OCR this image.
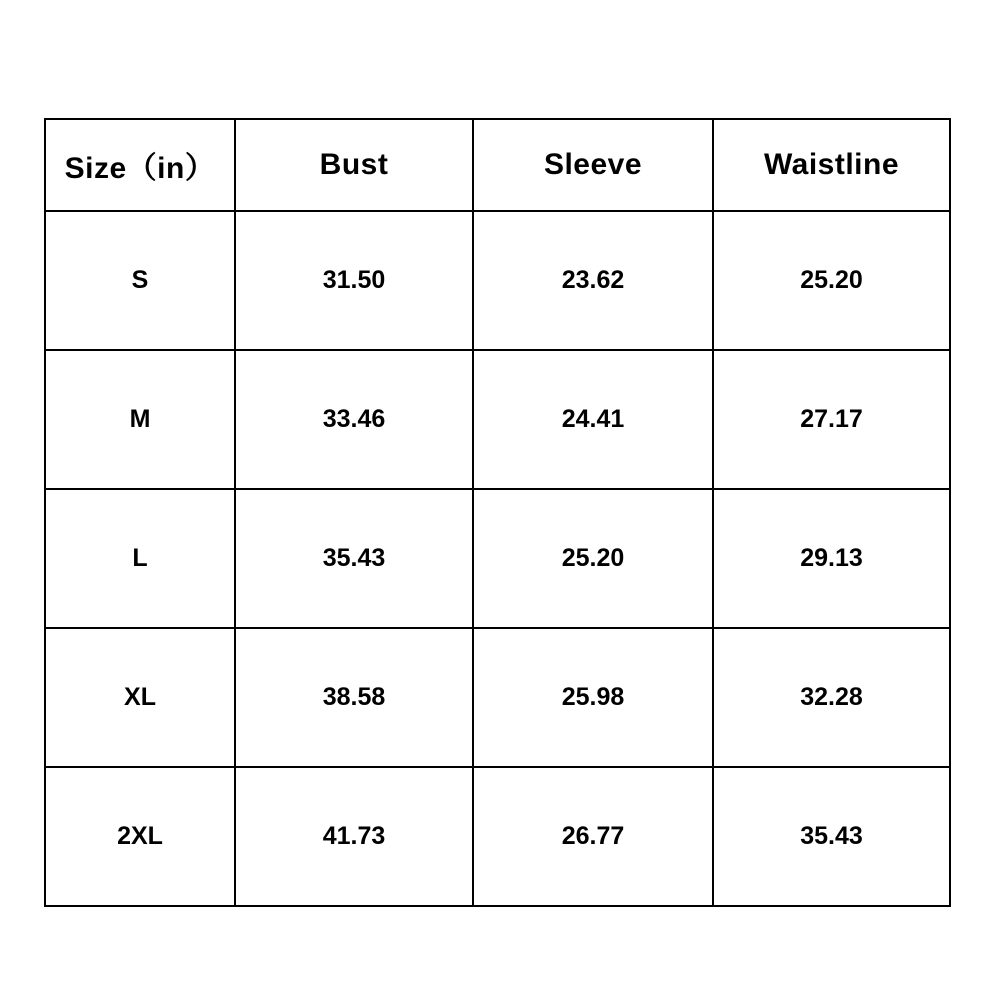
Size（in）	Bust	Sleeve	Waistline
S	31.50	23.62	25.20
M	33.46	24.41	27.17
L	35.43	25.20	29.13
XL	38.58	25.98	32.28
2XL	41.73	26.77	35.43
